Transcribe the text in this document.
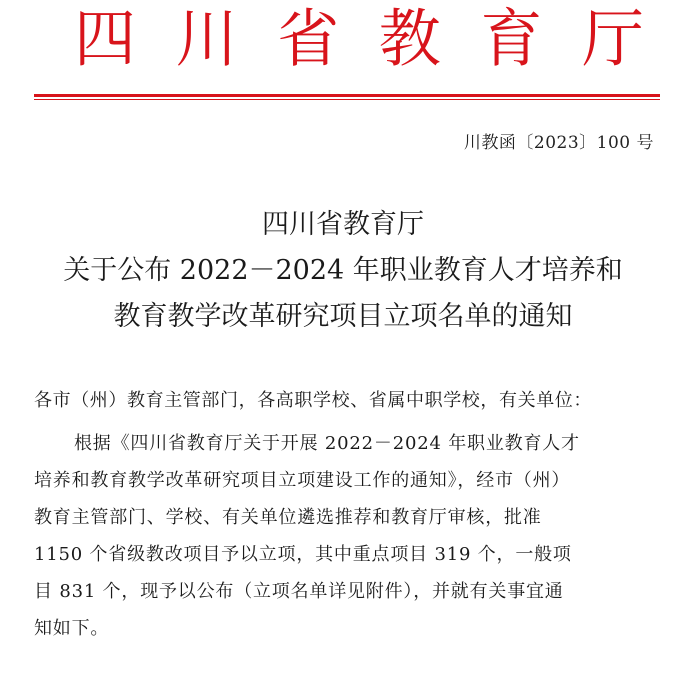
四 川 省 教 育 厅
川教函〔2023〕100 号
四川省教育厅
关于公布 2022－2024 年职业教育人才培养和
教育教学改革研究项目立项名单的通知
各市（州）教育主管部门，各高职学校、省属中职学校，有关单位：
根据《四川省教育厅关于开展 2022－2024 年职业教育人才
培养和教育教学改革研究项目立项建设工作的通知》，经市（州）
教育主管部门、学校、有关单位遴选推荐和教育厅审核，批准
1150 个省级教改项目予以立项，其中重点项目 319 个，一般项
目 831 个，现予以公布（立项名单详见附件），并就有关事宜通
知如下。
